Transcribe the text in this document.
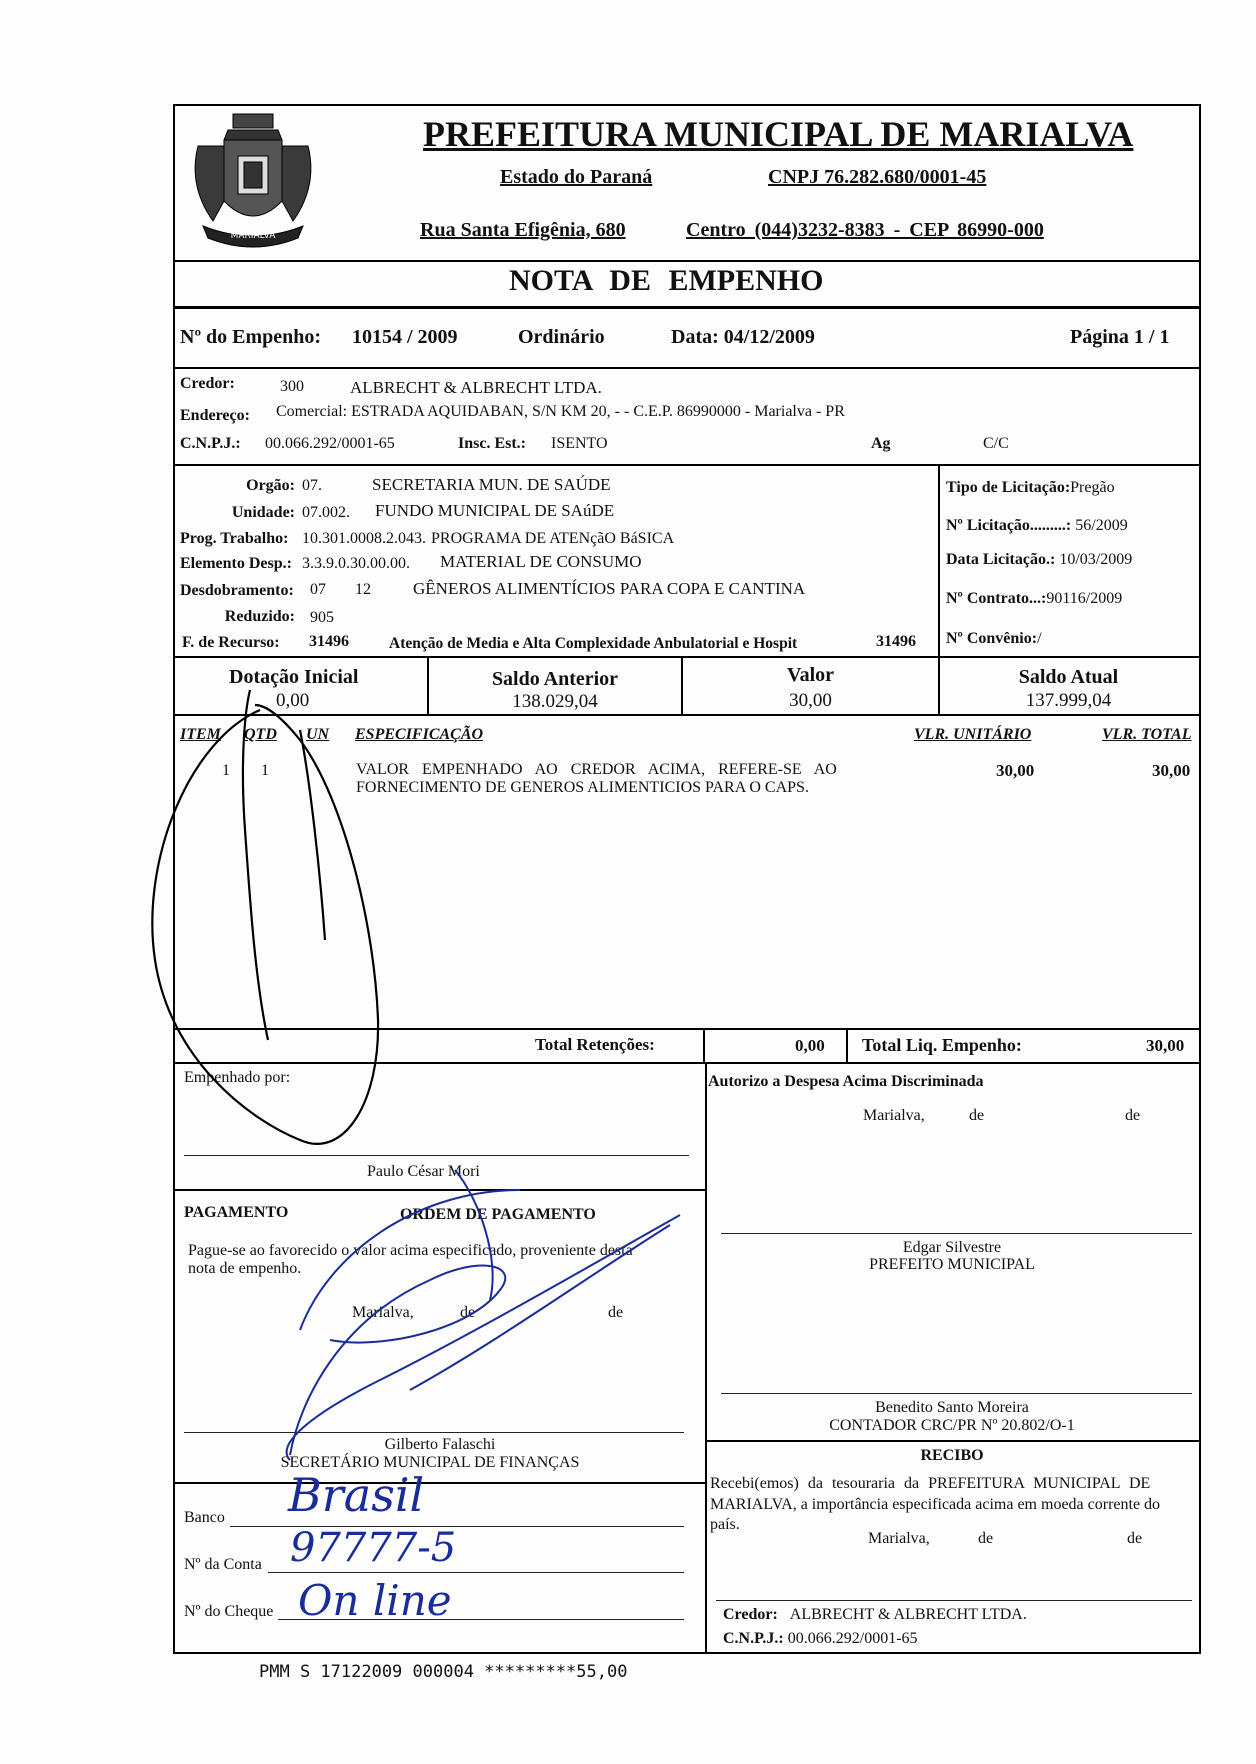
MARIALVA
PREFEITURA MUNICIPAL DE MARIALVA
Estado do Paraná	CNPJ 76.282.680/0001-45
Rua Santa Efigênia, 680	Centro (044)3232-8383 - CEP 86990-000
NOTA DE EMPENHO
Nº do Empenho: 10154 / 2009	Ordinário	Data: 04/12/2009	Página 1 / 1
Credor:	300	ALBRECHT & ALBRECHT LTDA.
Endereço: Comercial: ESTRADA AQUIDABAN, S/N KM 20, - - C.E.P. 86990000 - Marialva - PR
C.N.P.J.: 00.066.292/0001-65	Insc. Est.: ISENTO	Ag	C/C
Orgão: 07.	SECRETARIA MUN. DE SAÚDE
Unidade: 07.002. FUNDO MUNICIPAL DE SAúDE
Prog. Trabalho: 10.301.0008.2.043. PROGRAMA DE ATENçãO BáSICA
Elemento Desp.: 3.3.9.0.30.00.00. MATERIAL DE CONSUMO
Desdobramento: 07 12 GÊNEROS ALIMENTÍCIOS PARA COPA E CANTINA
Reduzido: 905
F. de Recurso: 31496	Atenção de Media e Alta Complexidade Anbulatorial e Hospit	31496
Tipo de Licitação:Pregão
Nº Licitação.........: 56/2009
Data Licitação.: 10/03/2009
Nº Contrato...:90116/2009
Nº Convênio:/
Dotação Inicial
0,00
Saldo Anterior
138.029,04
Valor
30,00
Saldo Atual
137.999,04
ITEM QTD UN ESPECIFICAÇÃO	VLR. UNITÁRIO	VLR. TOTAL
1 1	VALOR EMPENHADO AO CREDOR ACIMA, REFERE-SE AO
FORNECIMENTO DE GENEROS ALIMENTICIOS PARA O CAPS.
30,00	30,00
Total Retenções:	0,00 Total Liq. Empenho:	30,00
Empenhado por:
Paulo César Mori
Autorizo a Despesa Acima Discriminada
Marialva,	de	de
Edgar Silvestre
PREFEITO MUNICIPAL
Benedito Santo Moreira
CONTADOR CRC/PR Nº 20.802/O-1
PAGAMENTO	ORDEM DE PAGAMENTO
Pague-se ao favorecido o valor acima especificado, proveniente desta
nota de empenho.
Marialva,	de	de
Gilberto Falaschi
SECRETÁRIO MUNICIPAL DE FINANÇAS
Banco Brasil
Nº da Conta 97777-5
Nº do Cheque On line
RECIBO
Recebi(emos) da tesouraria da PREFEITURA MUNICIPAL DE
MARIALVA, a importância especificada acima em moeda corrente do
país.
Marialva,	de	de
Credor: ALBRECHT & ALBRECHT LTDA.
C.N.P.J.: 00.066.292/0001-65
PMM S 17122009 000004 *********55,00
